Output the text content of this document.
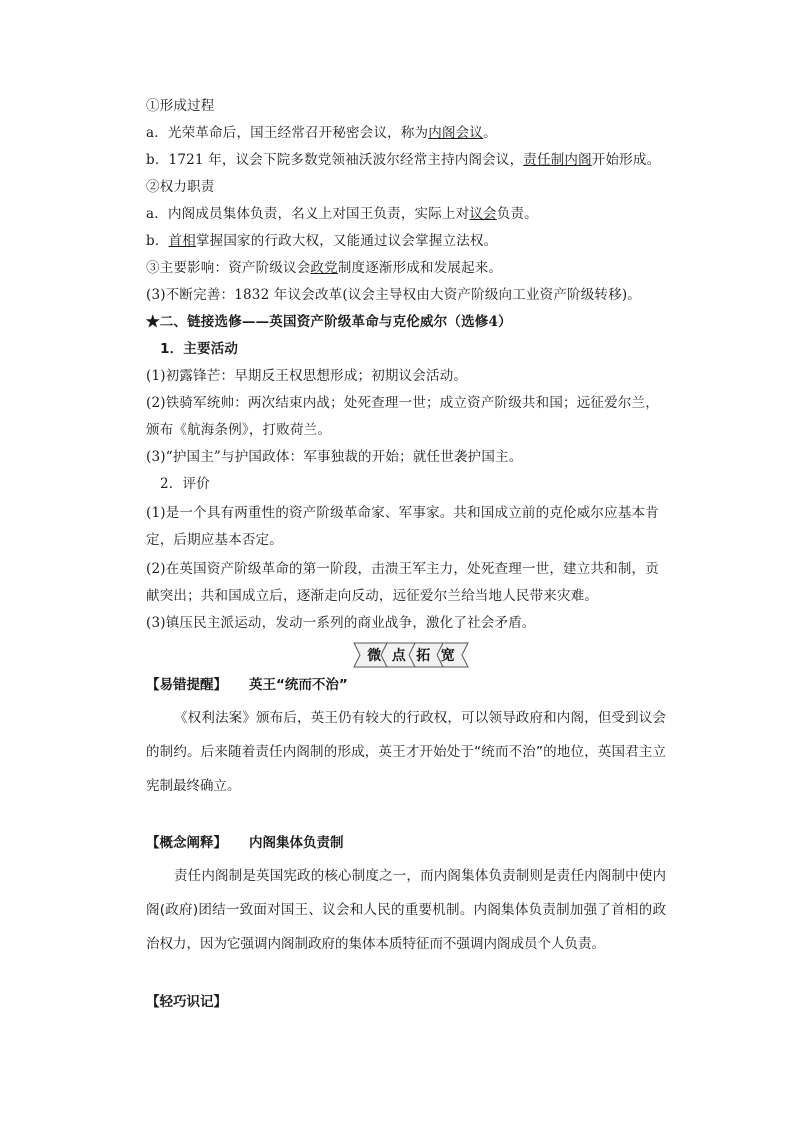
①形成过程
a．光荣革命后，国王经常召开秘密会议，称为内阁会议。
b．1721 年，议会下院多数党领袖沃波尔经常主持内阁会议，责任制内阁开始形成。
②权力职责
a．内阁成员集体负责，名义上对国王负责，实际上对议会负责。
b．首相掌握国家的行政大权，又能通过议会掌握立法权。
③主要影响：资产阶级议会政党制度逐渐形成和发展起来。
(3)不断完善：1832 年议会改革(议会主导权由大资产阶级向工业资产阶级转移)。
★二、链接选修——英国资产阶级革命与克伦威尔（选修4）
1．主要活动
(1)初露锋芒：早期反王权思想形成；初期议会活动。
(2)铁骑军统帅：两次结束内战；处死查理一世；成立资产阶级共和国；远征爱尔兰，
颁布《航海条例》，打败荷兰。
(3)“护国主”与护国政体：军事独裁的开始；就任世袭护国主。
2．评价
(1)是一个具有两重性的资产阶级革命家、军事家。共和国成立前的克伦威尔应基本肯
定，后期应基本否定。
(2)在英国资产阶级革命的第一阶段，击溃王军主力，处死查理一世，建立共和制，贡
献突出；共和国成立后，逐渐走向反动，远征爱尔兰给当地人民带来灾难。
(3)镇压民主派运动，发动一系列的商业战争，激化了社会矛盾。
微 点 拓 宽
【易错提醒】 英王“统而不治”
《权利法案》颁布后，英王仍有较大的行政权，可以领导政府和内阁，但受到议会的制约。后来随着责任内阁制的形成，英王才开始处于“统而不治”的地位，英国君主立宪制最终确立。
【概念阐释】 内阁集体负责制
责任内阁制是英国宪政的核心制度之一，而内阁集体负责制则是责任内阁制中使内阁(政府)团结一致面对国王、议会和人民的重要机制。内阁集体负责制加强了首相的政治权力，因为它强调内阁制政府的集体本质特征而不强调内阁成员个人负责。
【轻巧识记】
